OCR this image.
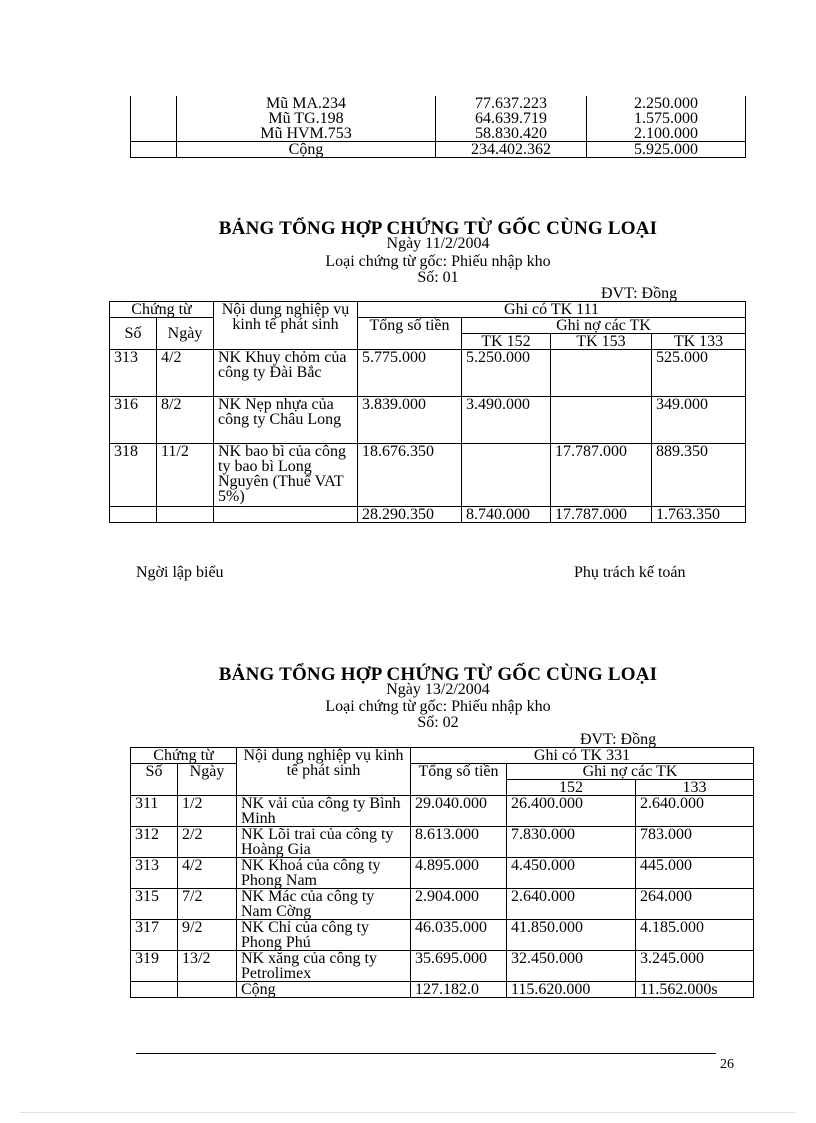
	Mũ MA.234	77.637.223	2.250.000
	Mũ TG.198	64.639.719	1.575.000
	Mũ HVM.753	58.830.420	2.100.000
	Cộng	234.402.362	5.925.000
BẢNG TỔNG HỢP CHỨNG TỪ GỐC CÙNG LOẠI
Ngày 11/2/2004
Loại chứng từ gốc: Phiếu nhập kho
Số: 01
ĐVT: Đồng
Chứng từ		Nội dung nghiệp vụ kinh tế phát sinh	Ghi có TK 111			
Số	Ngày		Tổng số tiền	Ghi nợ các TK		
				TK 152	TK 153	TK 133
313	4/2	NK Khuy chỏm của công ty Đài Bắc	5.775.000	5.250.000		525.000
316	8/2	NK Nẹp nhựa của công ty Châu Long	3.839.000	3.490.000		349.000
318	11/2	NK bao bì của công ty bao bì Long Nguyên (Thuế VAT 5%)	18.676.350		17.787.000	889.350
			28.290.350	8.740.000	17.787.000	1.763.350
Ngời lập biểu	Phụ trách kế toán
BẢNG TỔNG HỢP CHỨNG TỪ GỐC CÙNG LOẠI
Ngày 13/2/2004
Loại chứng từ gốc: Phiếu nhập kho
Số: 02
ĐVT: Đồng
Chứng từ		Nội dung nghiệp vụ kinh tế phát sinh	Ghi có TK 331		
Số	Ngày		Tổng số tiền	Ghi nợ các TK	
				152	133
311	1/2	NK vải của công ty Bình Minh	29.040.000	26.400.000	2.640.000
312	2/2	NK Lõi trai của công ty Hoàng Gia	8.613.000	7.830.000	783.000
313	4/2	NK Khoá của công ty Phong Nam	4.895.000	4.450.000	445.000
315	7/2	NK Mác của công ty Nam Cờng	2.904.000	2.640.000	264.000
317	9/2	NK Chỉ của công ty Phong Phú	46.035.000	41.850.000	4.185.000
319	13/2	NK xăng của công ty Petrolimex	35.695.000	32.450.000	3.245.000
		Cộng	127.182.0	115.620.000	11.562.000s
26
